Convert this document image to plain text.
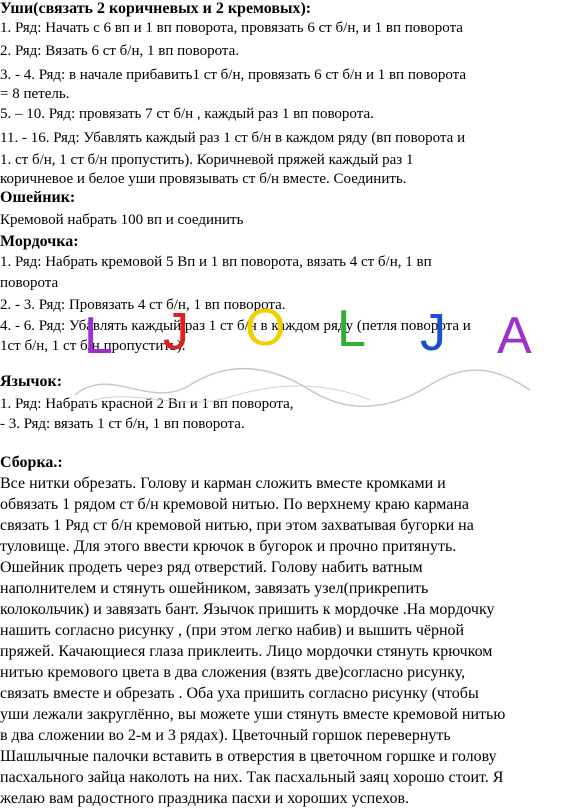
Уши(связать 2 коричневых и 2 кремовых):
1. Ряд: Начать с 6 вп и 1 вп поворота, провязать 6 ст б/н, и 1 вп поворота
2. Ряд: Вязать 6 ст б/н, 1 вп поворота.
3. - 4. Ряд: в начале прибавить1 ст б/н, провязать 6 ст б/н и 1 вп поворота
= 8 петель.
5. – 10. Ряд: провязать 7 ст б/н , каждый раз 1 вп поворота.
11. - 16. Ряд: Убавлять каждый раз 1 ст б/н в каждом ряду (вп поворота и
1. ст б/н, 1 ст б/н пропустить). Коричневой пряжей каждый раз 1
коричневое и белое уши провязывать ст б/н вместе. Соединить.
Ошейник:
Кремовой набрать 100 вп и соединить
Мордочка:
1. Ряд: Набрать кремовой 5 Вп и 1 вп поворота, вязать 4 ст б/н, 1 вп
поворота
2. - 3. Ряд: Провязать 4 ст б/н, 1 вп поворота.
4. - 6. Ряд: Убавлять каждый раз 1 ст б/н в каждом ряду (петля поворота и
1ст б/н, 1 ст б/н пропустить).
Язычок:
1. Ряд: Набрать красной 2 Вп и 1 вп поворота,
- 3. Ряд: вязать 1 ст б/н, 1 вп поворота.
Сборка.:
Все нитки обрезать. Голову и карман сложить вместе кромками и
обвязать 1 рядом ст б/н кремовой нитью. По верхнему краю кармана
связать 1 Ряд ст б/н кремовой нитью, при этом захватывая бугорки на
туловище. Для этого ввести крючок в бугорок и прочно притянуть.
Ошейник продеть через ряд отверстий. Голову набить ватным
наполнителем и стянуть ошейником, завязать узел(прикрепить
колокольчик) и завязать бант. Язычок пришить к мордочке .На мордочку
нашить согласно рисунку , (при этом легко набив) и вышить чёрной
пряжей. Качающиеся глаза приклеить. Лицо мордочки стянуть крючком
нитью кремового цвета в два сложения (взять две)согласно рисунку,
связать вместе и обрезать . Оба уха пришить согласно рисунку (чтобы
уши лежали закруглённо, вы можете уши стянуть вместе кремовой нитью
в два сложении во 2-м и 3 рядах). Цветочный горшок перевернуть
Шашлычные палочки вставить в отверстия в цветочном горшке и голову
пасхального зайца наколоть на них. Так пасхальный заяц хорошо стоит. Я
желаю вам радостного праздника пасхи и хороших успехов.
L J O L J A
